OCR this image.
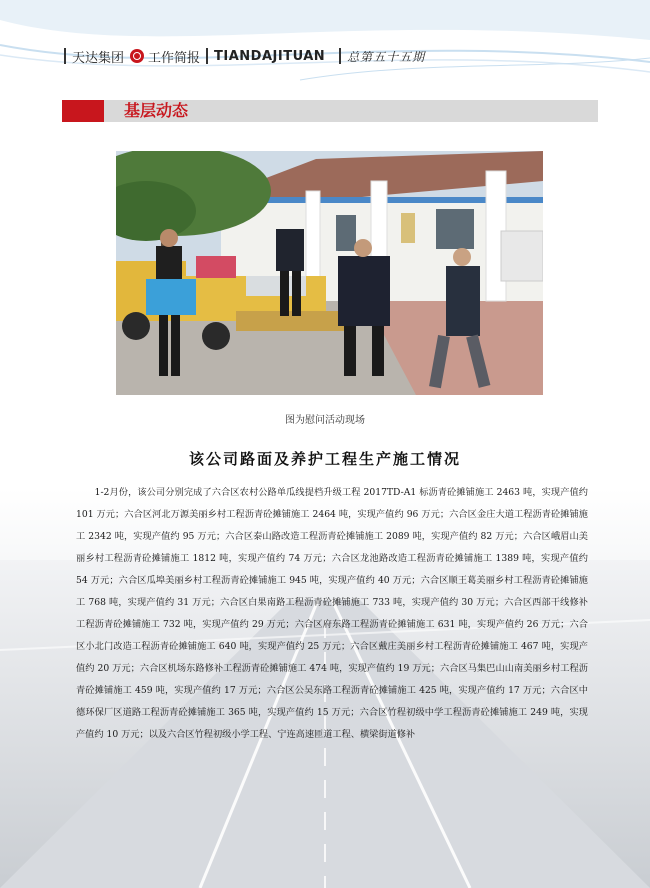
天达集团 工作简报 TIANDAJITUAN 总第五十五期
基层动态
图为慰问活动现场
该公司路面及养护工程生产施工情况

　　1-2月份，该公司分别完成了六合区农村公路单瓜线提档升级工程 2017TD-A1 标沥青砼摊铺施工 2463 吨，实现产值约 101 万元；六合区河北万源美丽乡村工程沥青砼摊铺施工 2464 吨，实现产值约 96 万元；六合区金庄大道工程沥青砼摊铺施工 2342 吨，实现产值约 95 万元；六合区泰山路改造工程沥青砼摊铺施工 2089 吨，实现产值约 82 万元；六合区峨眉山美丽乡村工程沥青砼摊铺施工 1812 吨，实现产值约 74 万元；六合区龙池路改造工程沥青砼摊铺施工 1389 吨，实现产值约 54 万元；六合区瓜埠美丽乡村工程沥青砼摊铺施工 945 吨，实现产值约 40 万元；六合区顺王葛美丽乡村工程沥青砼摊铺施工 768 吨，实现产值约 31 万元；六合区白果南路工程沥青砼摊铺施工 733 吨，实现产值约 30 万元；六合区西部干线修补工程沥青砼摊铺施工 732 吨，实现产值约 29 万元；六合区府东路工程沥青砼摊铺施工 631 吨，实现产值约 26 万元；六合区小北门改造工程沥青砼摊铺施工 640 吨，实现产值约 25 万元；六合区戴庄美丽乡村工程沥青砼摊铺施工 467 吨，实现产值约 20 万元；六合区机场东路修补工程沥青砼摊铺施工 474 吨，实现产值约 19 万元；六合区马集巴山山南美丽乡村工程沥青砼摊铺施工 459 吨，实现产值约 17 万元；六合区公吴东路工程沥青砼摊铺施工 425 吨，实现产值约 17 万元；六合区中德环保厂区道路工程沥青砼摊铺施工 365 吨，实现产值约 15 万元；六合区竹程初级中学工程沥青砼摊铺施工 249 吨，实现产值约 10 万元；以及六合区竹程初级小学工程、宁连高速匝道工程、横梁街道修补
